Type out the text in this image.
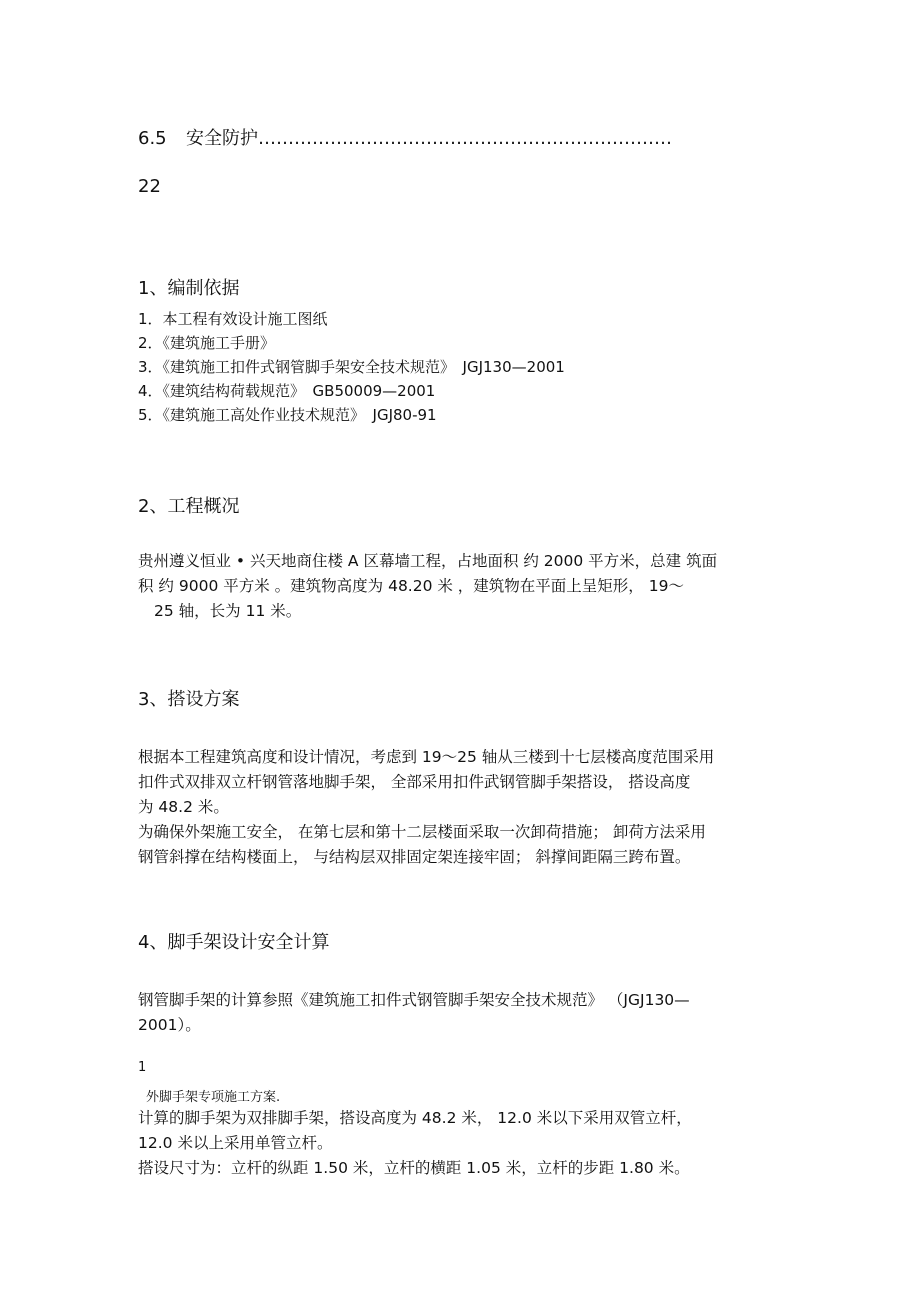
6.5 安全防护……………………………………………………………
22
1、编制依据
1．本工程有效设计施工图纸
2．《建筑施工手册》
3．《建筑施工扣件式钢管脚手架安全技术规范》　JGJ130—2001
4．《建筑结构荷载规范》　GB50009—2001
5．《建筑施工高处作业技术规范》　JGJ80-91
2、工程概况
贵州遵义恒业 • 兴天地商住楼 A 区幕墙工程，占地面积 约 2000 平方米，总建 筑面
积 约 9000 平方米 。建筑物高度为 48.20 米 ，建筑物在平面上呈矩形， 19～
25 轴，长为 11 米。
3、搭设方案
根据本工程建筑高度和设计情况，考虑到 19～25 轴从三楼到十七层楼高度范围采用
扣件式双排双立杆钢管落地脚手架， 全部采用扣件武钢管脚手架搭设， 搭设高度
为 48.2 米。
为确保外架施工安全， 在第七层和第十二层楼面采取一次卸荷措施； 卸荷方法采用
钢管斜撑在结构楼面上， 与结构层双排固定架连接牢固； 斜撑间距隔三跨布置。
4、脚手架设计安全计算
钢管脚手架的计算参照《建筑施工扣件式钢管脚手架安全技术规范》 （JGJ130—
2001）。
1
外脚手架专项施工方案.
计算的脚手架为双排脚手架，搭设高度为 48.2 米， 12.0 米以下采用双管立杆，
12.0 米以上采用单管立杆。
搭设尺寸为：立杆的纵距 1.50 米，立杆的横距 1.05 米，立杆的步距 1.80 米。
